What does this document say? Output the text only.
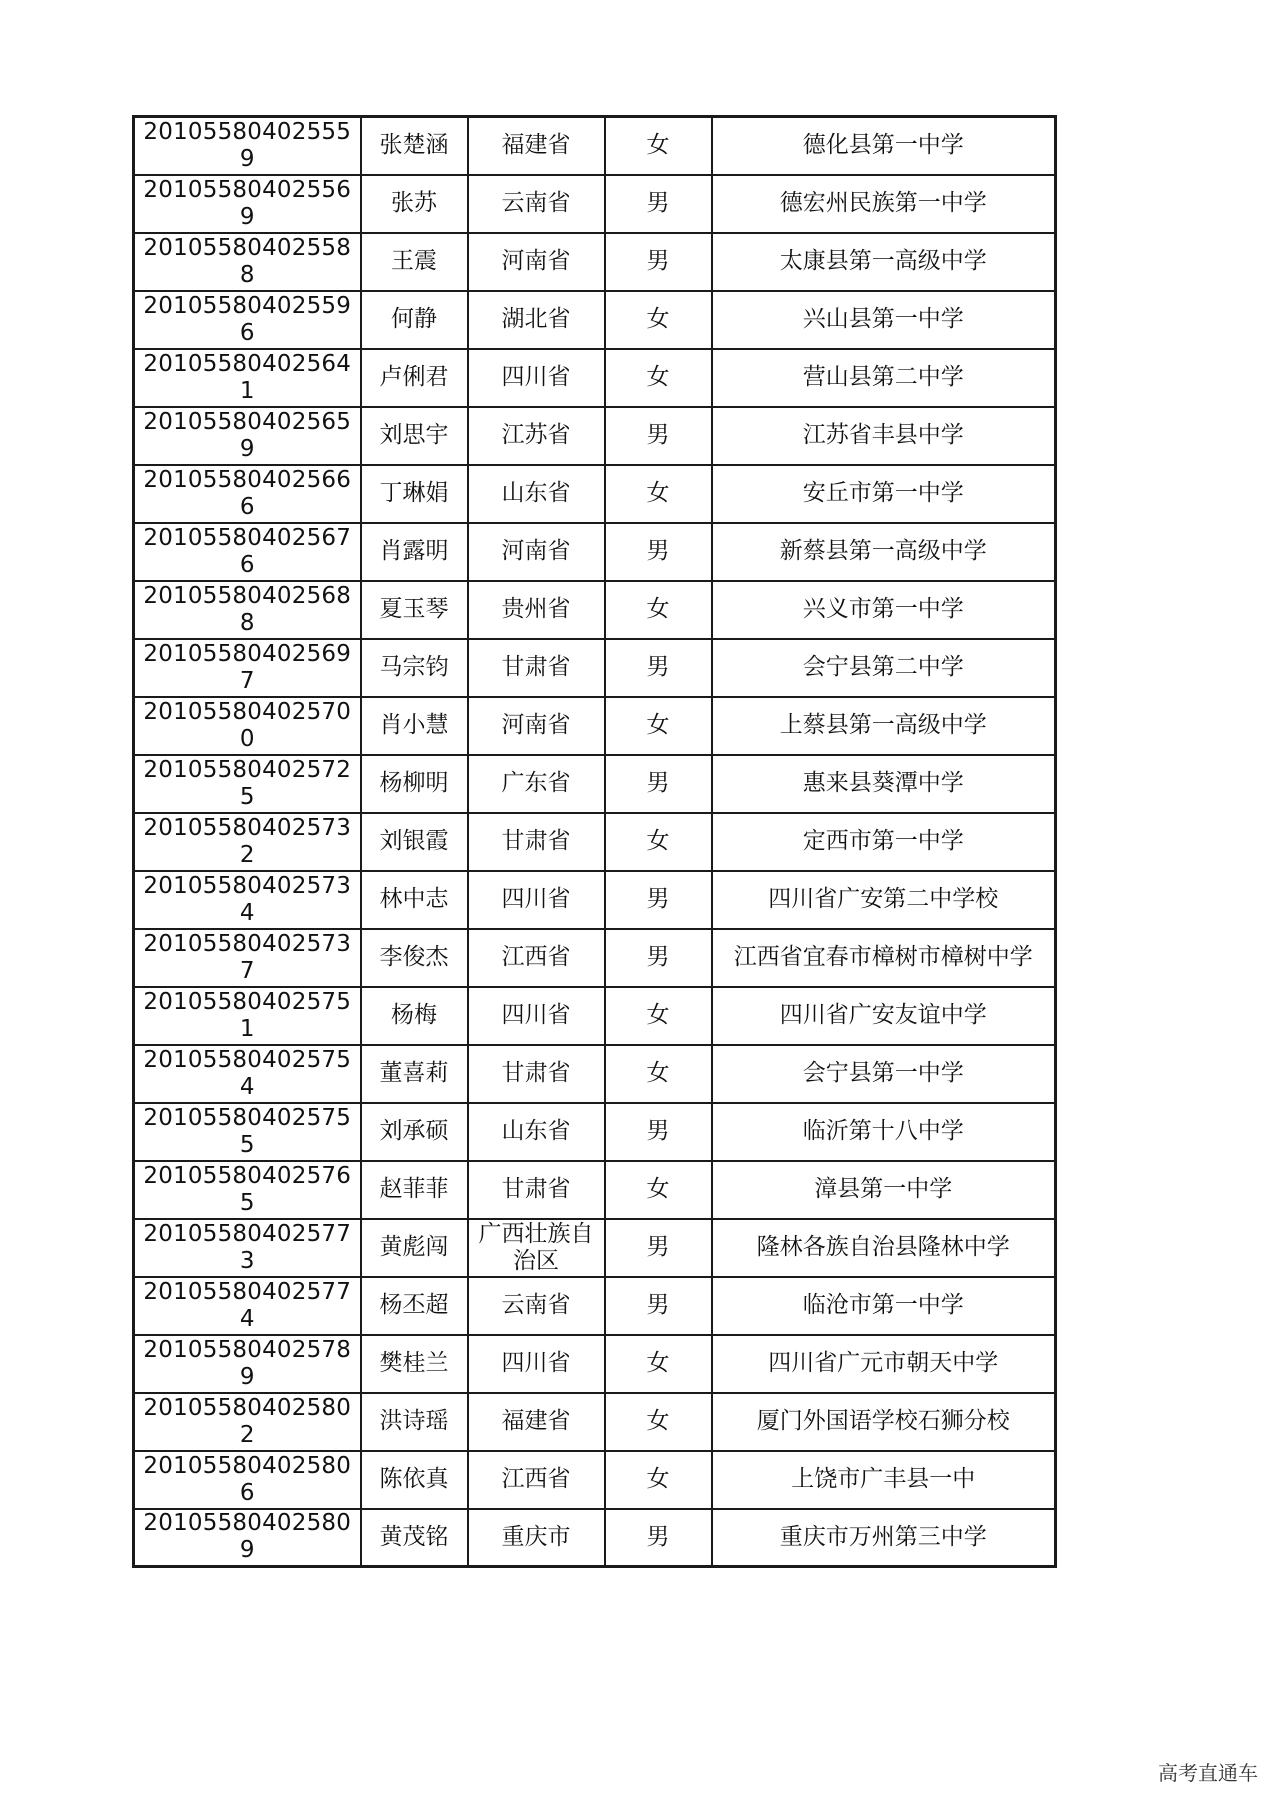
201055804025559	张楚涵	福建省	女	德化县第一中学
201055804025569	张苏	云南省	男	德宏州民族第一中学
201055804025588	王震	河南省	男	太康县第一高级中学
201055804025596	何静	湖北省	女	兴山县第一中学
201055804025641	卢俐君	四川省	女	营山县第二中学
201055804025659	刘思宇	江苏省	男	江苏省丰县中学
201055804025666	丁琳娟	山东省	女	安丘市第一中学
201055804025676	肖露明	河南省	男	新蔡县第一高级中学
201055804025688	夏玉琴	贵州省	女	兴义市第一中学
201055804025697	马宗钧	甘肃省	男	会宁县第二中学
201055804025700	肖小慧	河南省	女	上蔡县第一高级中学
201055804025725	杨柳明	广东省	男	惠来县葵潭中学
201055804025732	刘银霞	甘肃省	女	定西市第一中学
201055804025734	林中志	四川省	男	四川省广安第二中学校
201055804025737	李俊杰	江西省	男	江西省宜春市樟树市樟树中学
201055804025751	杨梅	四川省	女	四川省广安友谊中学
201055804025754	董喜莉	甘肃省	女	会宁县第一中学
201055804025755	刘承硕	山东省	男	临沂第十八中学
201055804025765	赵菲菲	甘肃省	女	漳县第一中学
201055804025773	黄彪闯	广西壮族自治区	男	隆林各族自治县隆林中学
201055804025774	杨丕超	云南省	男	临沧市第一中学
201055804025789	樊桂兰	四川省	女	四川省广元市朝天中学
201055804025802	洪诗瑶	福建省	女	厦门外国语学校石狮分校
201055804025806	陈依真	江西省	女	上饶市广丰县一中
201055804025809	黄茂铭	重庆市	男	重庆市万州第三中学
高考直通车
